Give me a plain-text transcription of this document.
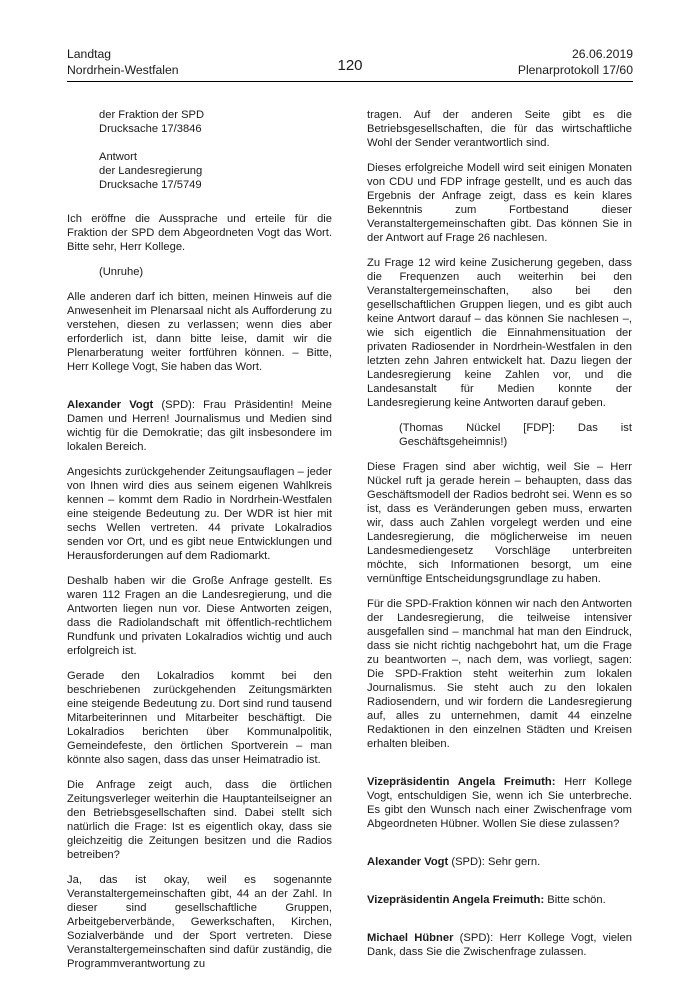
Landtag
Nordrhein-Westfalen	120
26.06.2019
Plenarprotokoll 17/60
der Fraktion der SPD
Drucksache 17/3846
Antwort
der Landesregierung
Drucksache 17/5749

Ich eröffne die Aussprache und erteile für die Fraktion der SPD dem Abgeordneten Vogt das Wort. Bitte sehr, Herr Kollege.

(Unruhe)

Alle anderen darf ich bitten, meinen Hinweis auf die Anwesenheit im Plenarsaal nicht als Aufforderung zu verstehen, diesen zu verlassen; wenn dies aber erforderlich ist, dann bitte leise, damit wir die Plenarberatung weiter fortführen können. – Bitte, Herr Kollege Vogt, Sie haben das Wort.

Alexander Vogt (SPD): Frau Präsidentin! Meine Damen und Herren! Journalismus und Medien sind wichtig für die Demokratie; das gilt insbesondere im lokalen Bereich.

Angesichts zurückgehender Zeitungsauflagen – jeder von Ihnen wird dies aus seinem eigenen Wahlkreis kennen – kommt dem Radio in Nordrhein-Westfalen eine steigende Bedeutung zu. Der WDR ist hier mit sechs Wellen vertreten. 44 private Lokalradios senden vor Ort, und es gibt neue Entwicklungen und Herausforderungen auf dem Radiomarkt.

Deshalb haben wir die Große Anfrage gestellt. Es waren 112 Fragen an die Landesregierung, und die Antworten liegen nun vor. Diese Antworten zeigen, dass die Radiolandschaft mit öffentlich-rechtlichem Rundfunk und privaten Lokalradios wichtig und auch erfolgreich ist.

Gerade den Lokalradios kommt bei den beschriebenen zurückgehenden Zeitungsmärkten eine steigende Bedeutung zu. Dort sind rund tausend Mitarbeiterinnen und Mitarbeiter beschäftigt. Die Lokalradios berichten über Kommunalpolitik, Gemeindefeste, den örtlichen Sportverein – man könnte also sagen, dass das unser Heimatradio ist.

Die Anfrage zeigt auch, dass die örtlichen Zeitungsverleger weiterhin die Hauptanteilseigner an den Betriebsgesellschaften sind. Dabei stellt sich natürlich die Frage: Ist es eigentlich okay, dass sie gleichzeitig die Zeitungen besitzen und die Radios betreiben?

Ja, das ist okay, weil es sogenannte Veranstaltergemeinschaften gibt, 44 an der Zahl. In dieser sind gesellschaftliche Gruppen, Arbeitgeberverbände, Gewerkschaften, Kirchen, Sozialverbände und der Sport vertreten. Diese Veranstaltergemeinschaften sind dafür zuständig, die Programmverantwortung zu

tragen. Auf der anderen Seite gibt es die Betriebsgesellschaften, die für das wirtschaftliche Wohl der Sender verantwortlich sind.

Dieses erfolgreiche Modell wird seit einigen Monaten von CDU und FDP infrage gestellt, und es auch das Ergebnis der Anfrage zeigt, dass es kein klares Bekenntnis zum Fortbestand dieser Veranstaltergemeinschaften gibt. Das können Sie in der Antwort auf Frage 26 nachlesen.

Zu Frage 12 wird keine Zusicherung gegeben, dass die Frequenzen auch weiterhin bei den Veranstaltergemeinschaften, also bei den gesellschaftlichen Gruppen liegen, und es gibt auch keine Antwort darauf – das können Sie nachlesen –, wie sich eigentlich die Einnahmensituation der privaten Radiosender in Nordrhein-Westfalen in den letzten zehn Jahren entwickelt hat. Dazu liegen der Landesregierung keine Zahlen vor, und die Landesanstalt für Medien konnte der Landesregierung keine Antworten darauf geben.

(Thomas Nückel [FDP]: Das ist Geschäftsgeheimnis!)

Diese Fragen sind aber wichtig, weil Sie – Herr Nückel ruft ja gerade herein – behaupten, dass das Geschäftsmodell der Radios bedroht sei. Wenn es so ist, dass es Veränderungen geben muss, erwarten wir, dass auch Zahlen vorgelegt werden und eine Landesregierung, die möglicherweise im neuen Landesmediengesetz Vorschläge unterbreiten möchte, sich Informationen besorgt, um eine vernünftige Entscheidungsgrundlage zu haben.

Für die SPD-Fraktion können wir nach den Antworten der Landesregierung, die teilweise intensiver ausgefallen sind – manchmal hat man den Eindruck, dass sie nicht richtig nachgebohrt hat, um die Frage zu beantworten –, nach dem, was vorliegt, sagen: Die SPD-Fraktion steht weiterhin zum lokalen Journalismus. Sie steht auch zu den lokalen Radiosendern, und wir fordern die Landesregierung auf, alles zu unternehmen, damit 44 einzelne Redaktionen in den einzelnen Städten und Kreisen erhalten bleiben.

Vizepräsidentin Angela Freimuth: Herr Kollege Vogt, entschuldigen Sie, wenn ich Sie unterbreche. Es gibt den Wunsch nach einer Zwischenfrage vom Abgeordneten Hübner. Wollen Sie diese zulassen?

Alexander Vogt (SPD): Sehr gern.

Vizepräsidentin Angela Freimuth: Bitte schön.

Michael Hübner (SPD): Herr Kollege Vogt, vielen Dank, dass Sie die Zwischenfrage zulassen.
